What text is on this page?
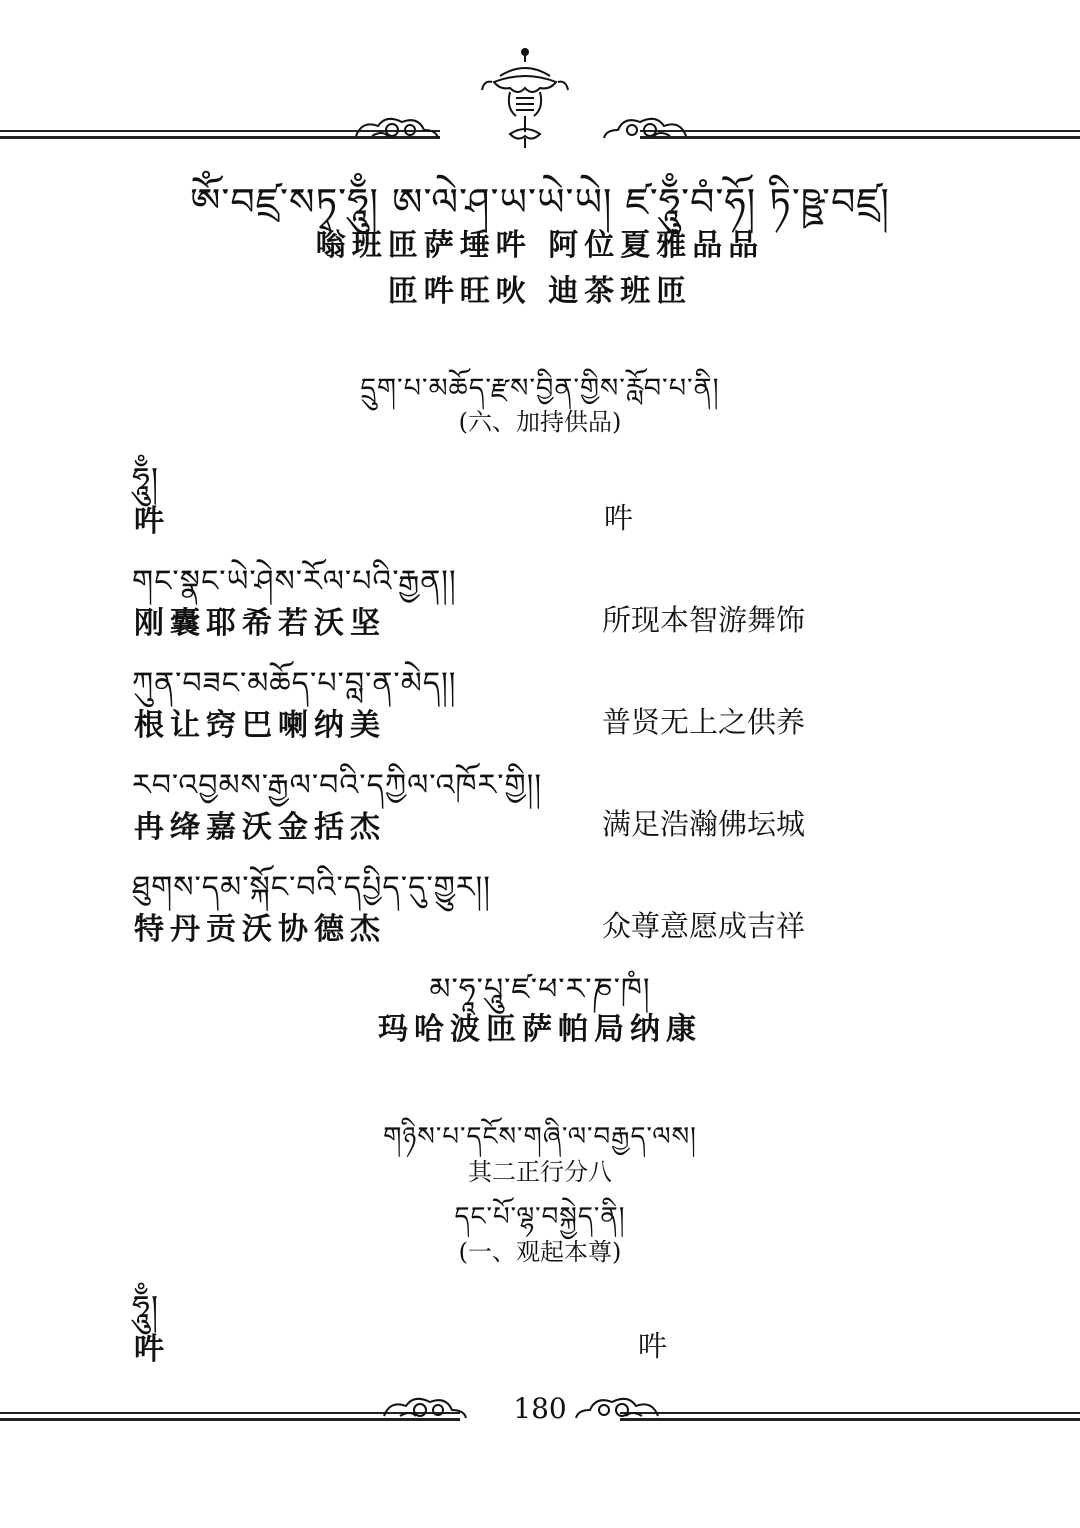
ཨོཾ་བཛྲ་སཏྭ་ཧཱུྃ། ཨ་ལེ་ཤ་ཡ་ཡེ་ཡེ། ཛ་ཧཱུྃ་བཾ་ཧོ། ཏི་ཥྛ་བཛྲ།
嗡班匝萨埵吽 阿位夏雅品品
匝吽旺吙 迪茶班匝
དྲུག་པ་མཆོད་རྫས་བྱིན་གྱིས་རློབ་པ་ནི།
(六、加持供品)
ཧཱུྃ།
吽	吽
གང་སྣང་ཡེ་ཤེས་རོལ་པའི་རྒྱན།།
刚囊耶希若沃坚	所现本智游舞饰
ཀུན་བཟང་མཆོད་པ་བླ་ན་མེད།།
根让窍巴喇纳美	普贤无上之供养
རབ་འབྱམས་རྒྱལ་བའི་དཀྱིལ་འཁོར་གྱི།།
冉绛嘉沃金括杰	满足浩瀚佛坛城
ཐུགས་དམ་སྐོང་བའི་དཔྱིད་དུ་གྱུར།།
特丹贡沃协德杰	众尊意愿成吉祥
མ་ཧཱ་པཱུ་ཛ་ཕ་ར་ཎ་ཁཾ།
玛哈波匝萨帕局纳康
གཉིས་པ་དངོས་གཞི་ལ་བརྒྱད་ལས།
其二正行分八
དང་པོ་ལྷ་བསྐྱེད་ནི།
(一、观起本尊)
ཧཱུྃ།
吽	吽
180
